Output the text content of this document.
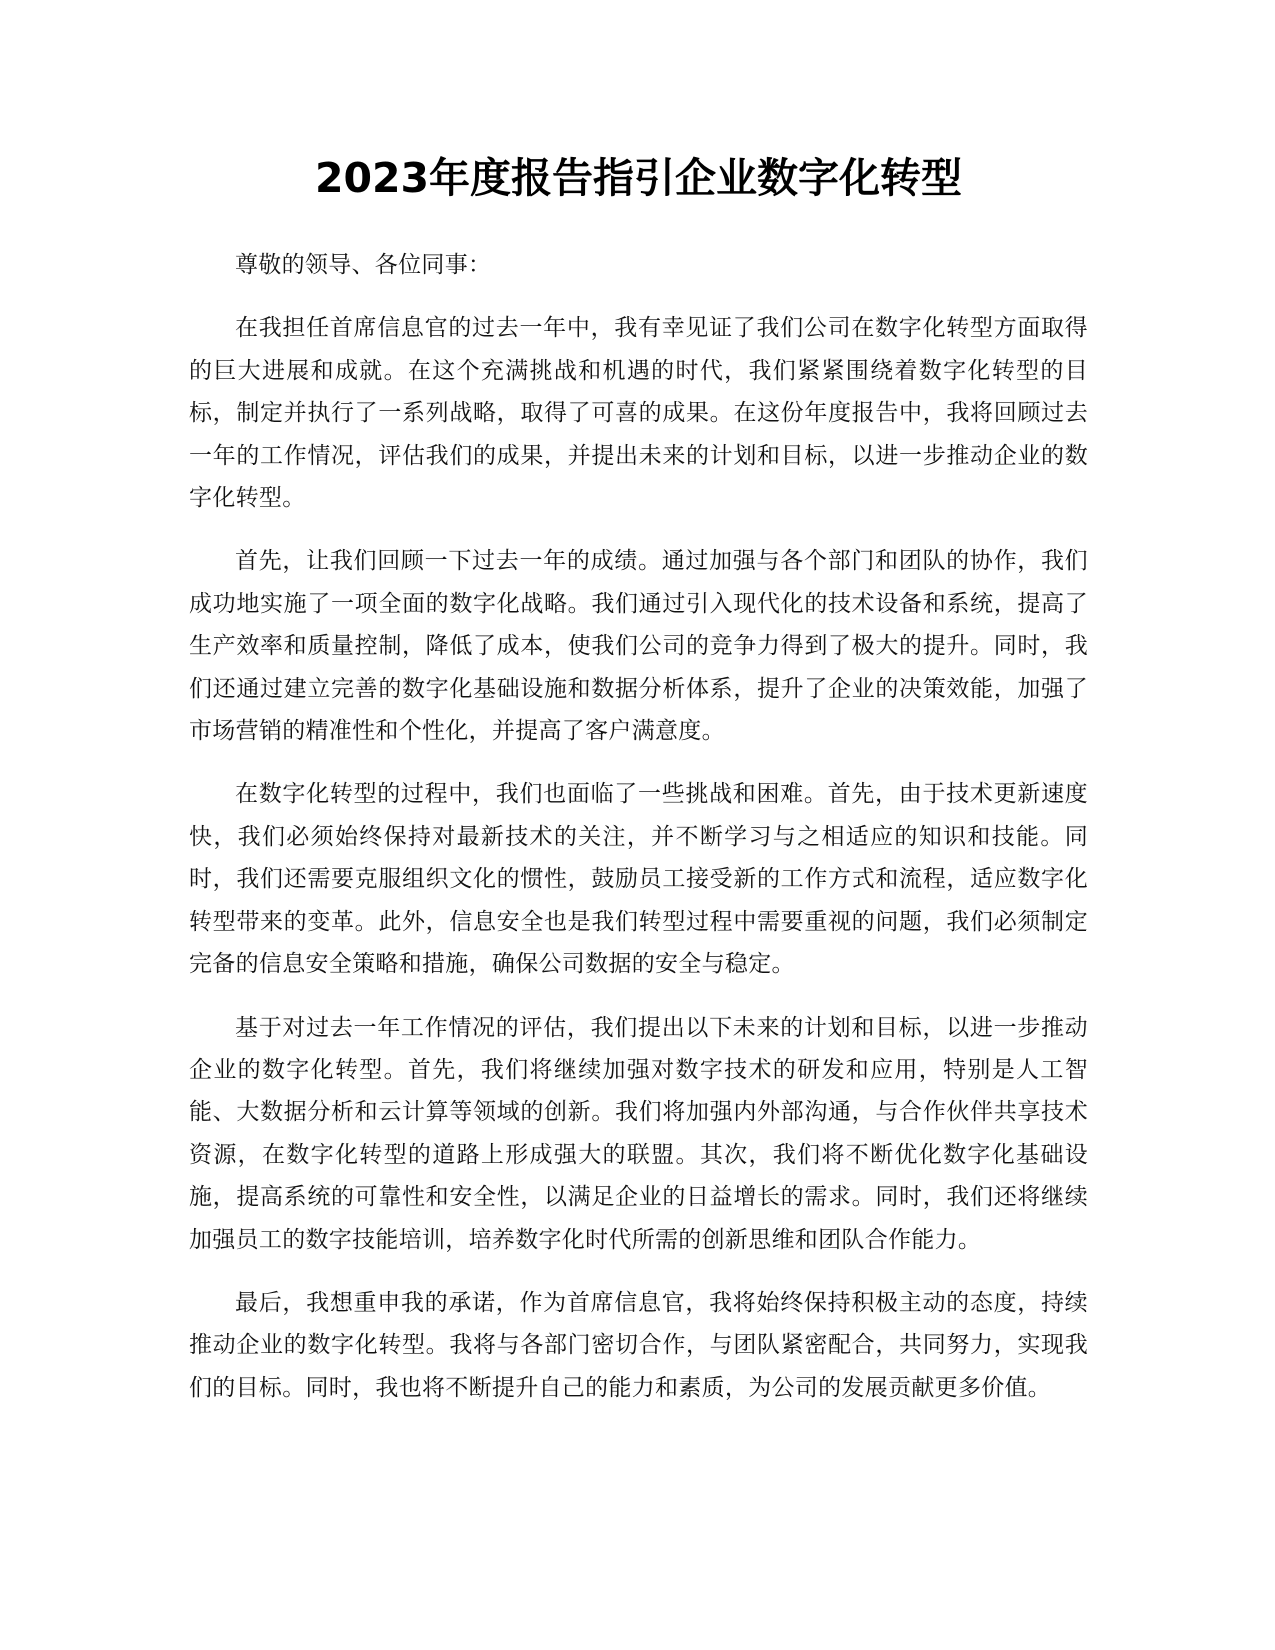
2023年度报告指引企业数字化转型

尊敬的领导、各位同事：

在我担任首席信息官的过去一年中，我有幸见证了我们公司在数字化转型方面取得的巨大进展和成就。在这个充满挑战和机遇的时代，我们紧紧围绕着数字化转型的目标，制定并执行了一系列战略，取得了可喜的成果。在这份年度报告中，我将回顾过去一年的工作情况，评估我们的成果，并提出未来的计划和目标，以进一步推动企业的数字化转型。

首先，让我们回顾一下过去一年的成绩。通过加强与各个部门和团队的协作，我们成功地实施了一项全面的数字化战略。我们通过引入现代化的技术设备和系统，提高了生产效率和质量控制，降低了成本，使我们公司的竞争力得到了极大的提升。同时，我们还通过建立完善的数字化基础设施和数据分析体系，提升了企业的决策效能，加强了市场营销的精准性和个性化，并提高了客户满意度。

在数字化转型的过程中，我们也面临了一些挑战和困难。首先，由于技术更新速度快，我们必须始终保持对最新技术的关注，并不断学习与之相适应的知识和技能。同时，我们还需要克服组织文化的惯性，鼓励员工接受新的工作方式和流程，适应数字化转型带来的变革。此外，信息安全也是我们转型过程中需要重视的问题，我们必须制定完备的信息安全策略和措施，确保公司数据的安全与稳定。

基于对过去一年工作情况的评估，我们提出以下未来的计划和目标，以进一步推动企业的数字化转型。首先，我们将继续加强对数字技术的研发和应用，特别是人工智能、大数据分析和云计算等领域的创新。我们将加强内外部沟通，与合作伙伴共享技术资源，在数字化转型的道路上形成强大的联盟。其次，我们将不断优化数字化基础设施，提高系统的可靠性和安全性，以满足企业的日益增长的需求。同时，我们还将继续加强员工的数字技能培训，培养数字化时代所需的创新思维和团队合作能力。

最后，我想重申我的承诺，作为首席信息官，我将始终保持积极主动的态度，持续推动企业的数字化转型。我将与各部门密切合作，与团队紧密配合，共同努力，实现我们的目标。同时，我也将不断提升自己的能力和素质，为公司的发展贡献更多价值。
